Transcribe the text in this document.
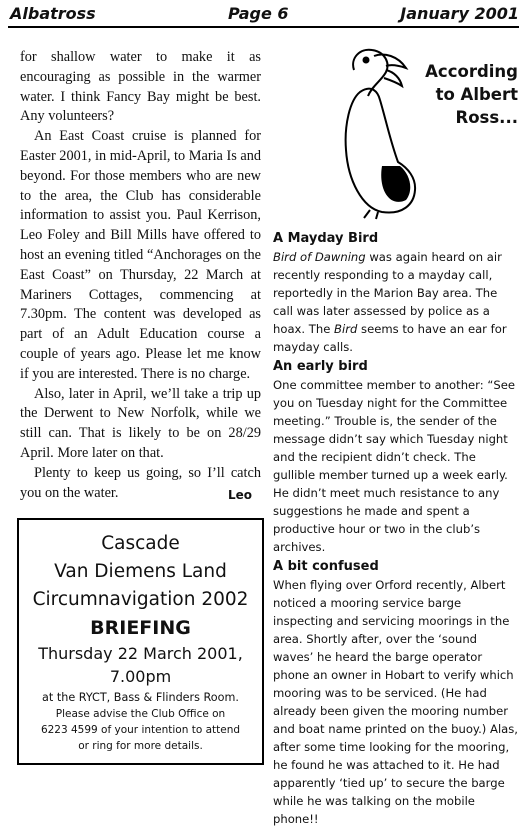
Albatross	Page 6	January 2001

for shallow water to make it as encouraging as possible in the warmer water. I think Fancy Bay might be best. Any volunteers?

An East Coast cruise is planned for Easter 2001, in mid-April, to Maria Is and beyond. For those members who are new to the area, the Club has considerable information to assist you. Paul Kerrison, Leo Foley and Bill Mills have offered to host an evening titled “Anchorages on the East Coast” on Thursday, 22 March at Mariners Cottages, commencing at 7.30pm. The content was developed as part of an Adult Education course a couple of years ago. Please let me know if you are interested. There is no charge.

Also, later in April, we’ll take a trip up the Derwent to New Norfolk, while we still can. That is likely to be on 28/29 April. More later on that.

Plenty to keep us going, so I’ll catch you on the water.	Leo
Cascade
Van Diemens Land
Circumnavigation 2002
BRIEFING
Thursday 22 March 2001,
7.00pm
at the RYCT, Bass & Flinders Room.
Please advise the Club Office on
6223 4599 of your intention to attend
or ring for more details.
According
to Albert
Ross...
A Mayday Bird

Bird of Dawning was again heard on air recently responding to a mayday call, reportedly in the Marion Bay area. The call was later assessed by police as a hoax. The Bird seems to have an ear for mayday calls.

An early bird

One committee member to another: “See you on Tuesday night for the Committee meeting.” Trouble is, the sender of the message didn’t say which Tuesday night and the recipient didn’t check. The gullible member turned up a week early. He didn’t meet much resistance to any suggestions he made and spent a productive hour or two in the club’s archives.

A bit confused

When flying over Orford recently, Albert noticed a mooring service barge inspecting and servicing moorings in the area. Shortly after, over the ‘sound waves’ he heard the barge operator phone an owner in Hobart to verify which mooring was to be serviced. (He had already been given the mooring number and boat name printed on the buoy.) Alas, after some time looking for the mooring, he found he was attached to it. He had apparently ‘tied up’ to secure the barge while he was talking on the mobile phone!!
